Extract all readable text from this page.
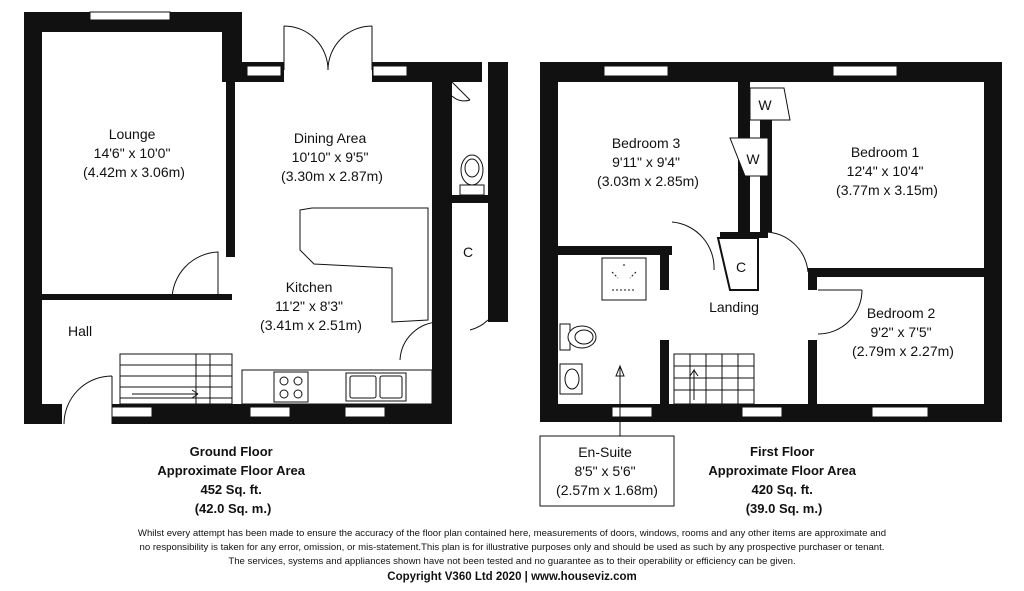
Lounge 14'6" x 10'0" (4.42m x 3.06m)
Dining Area 10'10" x 9'5" (3.30m x 2.87m)
Kitchen 11'2" x 8'3" (3.41m x 2.51m)
Hall
C
Ground Floor Approximate Floor Area 452 Sq. ft. (42.0 Sq. m.)
W
W
C
En-Suite 8'5" x 5'6" (2.57m x 1.68m)
Bedroom 3 9'11" x 9'4" (3.03m x 2.85m)
Bedroom 1 12'4" x 10'4" (3.77m x 3.15m)
Bedroom 2 9'2" x 7'5" (2.79m x 2.27m)
Landing
First Floor Approximate Floor Area 420 Sq. ft. (39.0 Sq. m.)
Whilst every attempt has been made to ensure the accuracy of the floor plan contained here, measurements of doors, windows, rooms and any other items are approximate and
no responsibility is taken for any error, omission, or mis-statement.This plan is for illustrative purposes only and should be used as such by any prospective purchaser or tenant.
The services, systems and appliances shown have not been tested and no guarantee as to their operability or efficiency can be given.
Copyright V360 Ltd 2020 | www.houseviz.com
